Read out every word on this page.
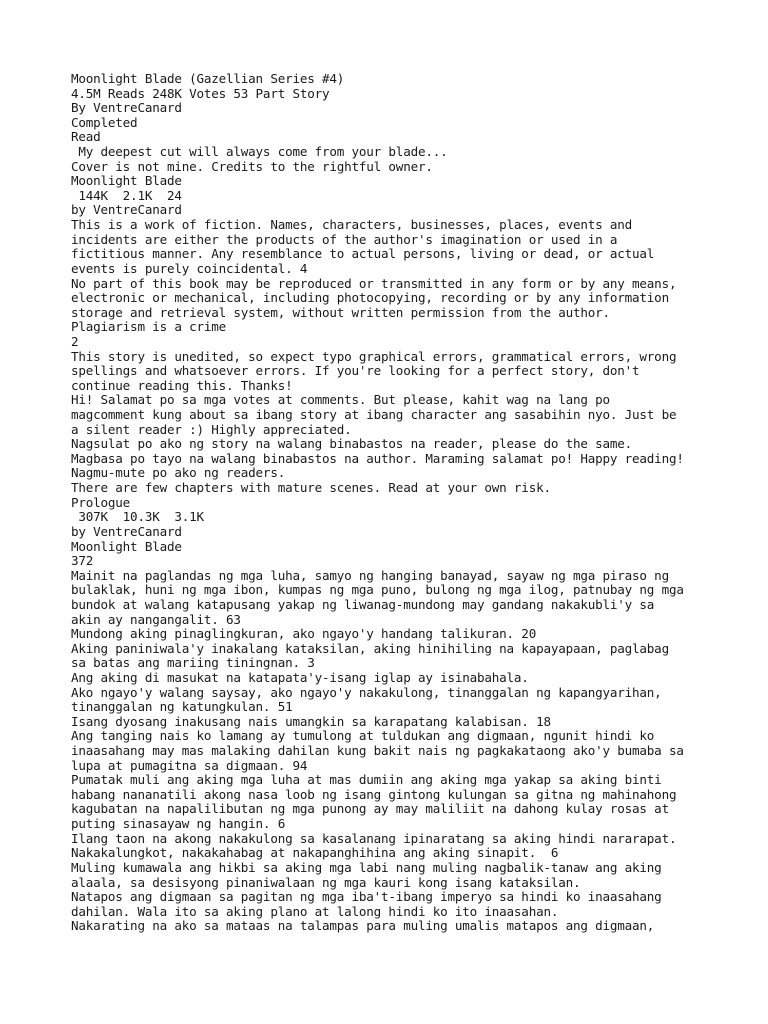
Moonlight Blade (Gazellian Series #4)
4.5M Reads 248K Votes 53 Part Story
By VentreCanard
Completed
Read
My deepest cut will always come from your blade...
Cover is not mine. Credits to the rightful owner.
Moonlight Blade
144K  2.1K  24
by VentreCanard
This is a work of fiction. Names, characters, businesses, places, events and
incidents are either the products of the author's imagination or used in a
fictitious manner. Any resemblance to actual persons, living or dead, or actual
events is purely coincidental. 4
No part of this book may be reproduced or transmitted in any form or by any means,
electronic or mechanical, including photocopying, recording or by any information
storage and retrieval system, without written permission from the author.
Plagiarism is a crime
2
This story is unedited, so expect typo graphical errors, grammatical errors, wrong
spellings and whatsoever errors. If you're looking for a perfect story, don't
continue reading this. Thanks!
Hi! Salamat po sa mga votes at comments. But please, kahit wag na lang po
magcomment kung about sa ibang story at ibang character ang sasabihin nyo. Just be
a silent reader :) Highly appreciated.
Nagsulat po ako ng story na walang binabastos na reader, please do the same.
Magbasa po tayo na walang binabastos na author. Maraming salamat po! Happy reading!
Nagmu-mute po ako ng readers.
There are few chapters with mature scenes. Read at your own risk.
Prologue
307K  10.3K  3.1K
by VentreCanard
Moonlight Blade
372
Mainit na paglandas ng mga luha, samyo ng hanging banayad, sayaw ng mga piraso ng
bulaklak, huni ng mga ibon, kumpas ng mga puno, bulong ng mga ilog, patnubay ng mga
bundok at walang katapusang yakap ng liwanag-mundong may gandang nakakubli'y sa
akin ay nangangalit. 63
Mundong aking pinaglingkuran, ako ngayo'y handang talikuran. 20
Aking paniniwala'y inakalang kataksilan, aking hinihiling na kapayapaan, paglabag
sa batas ang mariing tiningnan. 3
Ang aking di masukat na katapata'y-isang iglap ay isinabahala.
Ako ngayo'y walang saysay, ako ngayo'y nakakulong, tinanggalan ng kapangyarihan,
tinanggalan ng katungkulan. 51
Isang dyosang inakusang nais umangkin sa karapatang kalabisan. 18
Ang tanging nais ko lamang ay tumulong at tuldukan ang digmaan, ngunit hindi ko
inaasahang may mas malaking dahilan kung bakit nais ng pagkakataong ako'y bumaba sa
lupa at pumagitna sa digmaan. 94
Pumatak muli ang aking mga luha at mas dumiin ang aking mga yakap sa aking binti
habang nananatili akong nasa loob ng isang gintong kulungan sa gitna ng mahinahong
kagubatan na napalilibutan ng mga punong ay may maliliit na dahong kulay rosas at
puting sinasayaw ng hangin. 6
Ilang taon na akong nakakulong sa kasalanang ipinaratang sa aking hindi nararapat.
Nakakalungkot, nakakahabag at nakapanghihina ang aking sinapit.  6
Muling kumawala ang hikbi sa aking mga labi nang muling nagbalik-tanaw ang aking
alaala, sa desisyong pinaniwalaan ng mga kauri kong isang kataksilan.
Natapos ang digmaan sa pagitan ng mga iba't-ibang imperyo sa hindi ko inaasahang
dahilan. Wala ito sa aking plano at lalong hindi ko ito inaasahan.
Nakarating na ako sa mataas na talampas para muling umalis matapos ang digmaan,
